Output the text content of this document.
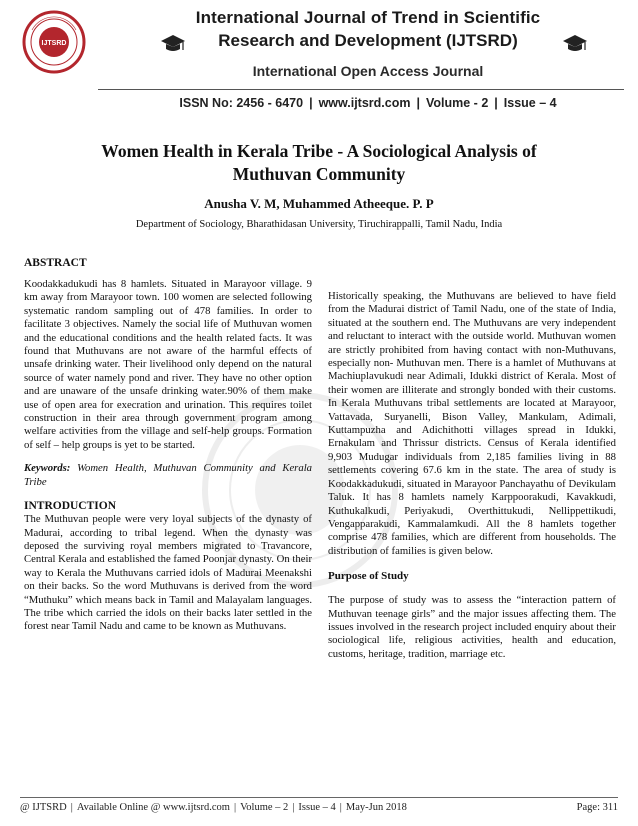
IJTSRD
International Journal of Trend in Scientific
Research and Development (IJTSRD)
International Open Access Journal
ISSN No: 2456 - 6470 | www.ijtsrd.com | Volume - 2 | Issue – 4
Women Health in Kerala Tribe - A Sociological Analysis of
Muthuvan Community
Anusha V. M, Muhammed Atheeque. P. P
Department of Sociology, Bharathidasan University, Tiruchirappalli, Tamil Nadu, India
ABSTRACT

Koodakkadukudi has 8 hamlets. Situated in Marayoor village. 9 km away from Marayoor town. 100 women are selected following systematic random sampling out of 478 families. In order to facilitate 3 objectives. Namely the social life of Muthuvan women and the educational conditions and the health related facts. It was found that Muthuvans are not aware of the harmful effects of unsafe drinking water. Their livelihood only depend on the natural source of water namely pond and river. They have no other option and are unaware of the unsafe drinking water.90% of them make use of open area for execration and urination. This requires toilet construction in their area through government program among welfare activities from the village and self-help groups. Formation of self – help groups is yet to be started.

Keywords: Women Health, Muthuvan Community and Kerala Tribe

INTRODUCTION

The Muthuvan people were very loyal subjects of the dynasty of Madurai, according to tribal legend. When the dynasty was deposed the surviving royal members migrated to Travancore, Central Kerala and established the famed Poonjar dynasty. On their way to Kerala the Muthuvans carried idols of Madurai Meenakshi on their backs. So the word Muthuvans is derived from the word “Muthuku” which means back in Tamil and Malayalam languages. The tribe which carried the idols on their backs later settled in the forest near Tamil Nadu and came to be known as Muthuvans.

Historically speaking, the Muthuvans are believed to have field from the Madurai district of Tamil Nadu, one of the state of India, situated at the southern end. The Muthuvans are very independent and reluctant to interact with the outside world. Muthuvan women are strictly prohibited from having contact with non-Muthuvans, especially non- Muthuvan men. There is a hamlet of Muthuvans at Machiuplavukudi near Adimali, Idukki district of Kerala. Most of their women are illiterate and strongly bonded with their customs. In Kerala Muthuvans tribal settlements are located at Marayoor, Vattavada, Suryanelli, Bison Valley, Mankulam, Adimali, Kuttampuzha and Adichithotti villages spread in Idukki, Ernakulam and Thrissur districts. Census of Kerala identified 9,903 Mudugar individuals from 2,185 families living in 88 settlements covering 67.6 km in the state. The area of study is Koodakkadukudi, situated in Marayoor Panchayathu of Devikulam Taluk. It has 8 hamlets namely Karppoorakudi, Kavakkudi, Kuthukalkudi, Periyakudi, Overthittukudi, Nellippettikudi, Vengapparakudi, Kammalamkudi. All the 8 hamlets together comprise 478 families, which are different from households. The distribution of families is given below.

Purpose of Study

The purpose of study was to assess the “interaction pattern of Muthuvan teenage girls” and the major issues affecting them. The issues involved in the research project included enquiry about their sociological life, religious activities, health and education, customs, heritage, tradition, marriage etc.

@ IJTSRD | Available Online @ www.ijtsrd.com | Volume – 2 | Issue – 4 | May-Jun 2018	Page: 311
